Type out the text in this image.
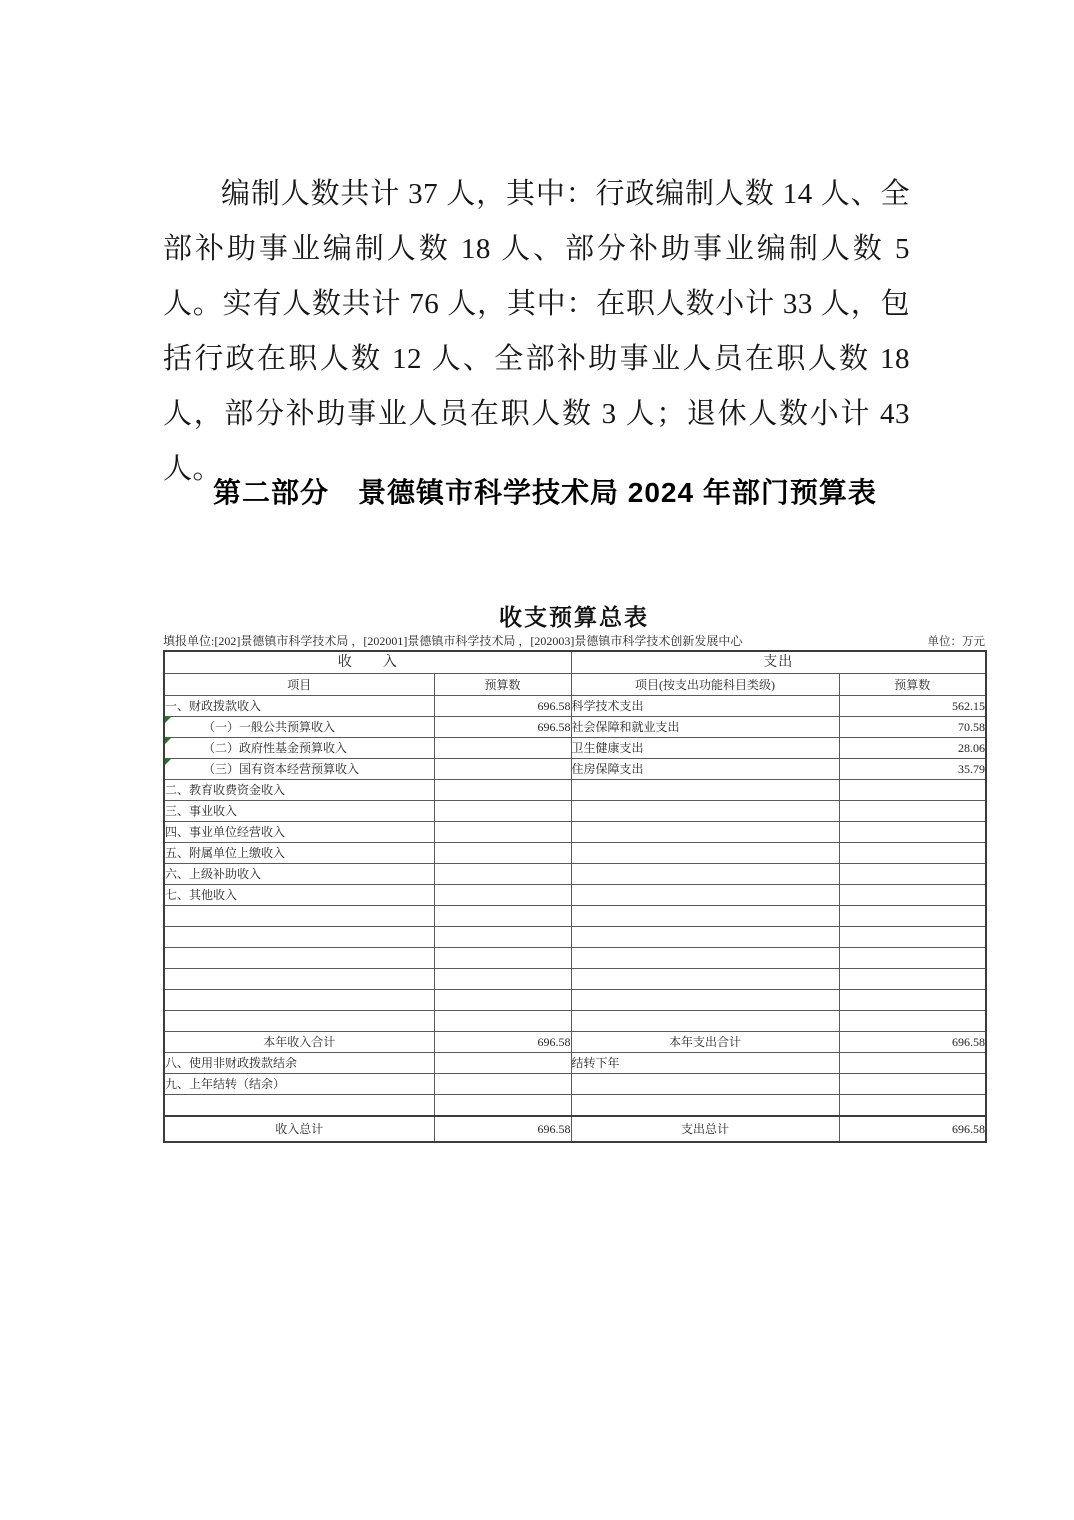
编制人数共计 37 人，其中：行政编制人数 14 人、全部补助事业编制人数 18 人、部分补助事业编制人数 5 人。实有人数共计 76 人，其中：在职人数小计 33 人，包括行政在职人数 12 人、全部补助事业人员在职人数 18 人，部分补助事业人员在职人数 3 人；退休人数小计 43 人。

第二部分　景德镇市科学技术局 2024 年部门预算表
收支预算总表
填报单位:[202]景德镇市科学技术局 ，[202001]景德镇市科学技术局 ，[202003]景德镇市科学技术创新发展中心	单位：万元
收　　入		支出	
项目	预算数	项目(按支出功能科目类级)	预算数
一、财政拨款收入	696.58	科学技术支出	562.15
（一）一般公共预算收入	696.58	社会保障和就业支出	70.58
（二）政府性基金预算收入		卫生健康支出	28.06
（三）国有资本经营预算收入		住房保障支出	35.79
二、教育收费资金收入			
三、事业收入			
四、事业单位经营收入			
五、附属单位上缴收入			
六、上级补助收入			
七、其他收入			

本年收入合计	696.58	本年支出合计	696.58
八、使用非财政拨款结余		结转下年	
九、上年结转（结余）			

收入总计	696.58	支出总计	696.58
